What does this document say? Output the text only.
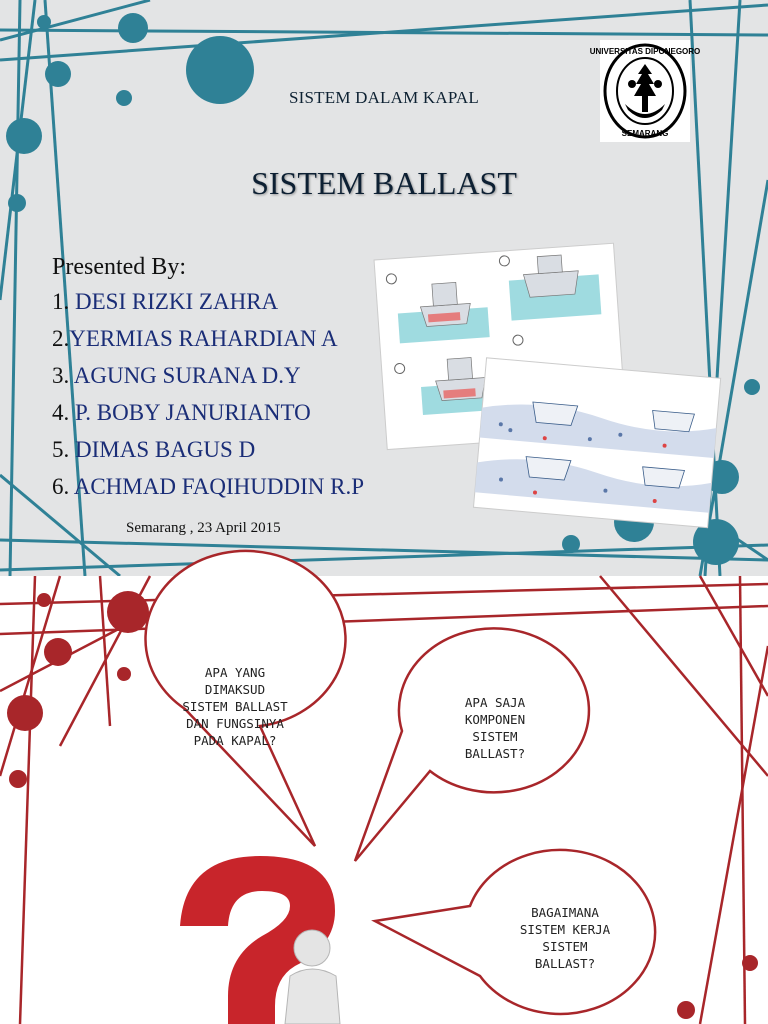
SISTEM DALAM KAPAL
SISTEM BALLAST
UNIVERSITAS DIPONEGORO
SEMARANG
Presented By:
1. DESI RIZKI ZAHRA
2.YERMIAS RAHARDIAN A
3. AGUNG SURANA D.Y
4. P. BOBY JANURIANTO
5. DIMAS BAGUS D
6. ACHMAD FAQIHUDDIN R.P
Semarang , 23 April 2015
APA YANG
DIMAKSUD
SISTEM BALLAST
DAN FUNGSINYA
PADA KAPAL?
APA SAJA
KOMPONEN
SISTEM
BALLAST?
BAGAIMANA
SISTEM KERJA
SISTEM
BALLAST?
